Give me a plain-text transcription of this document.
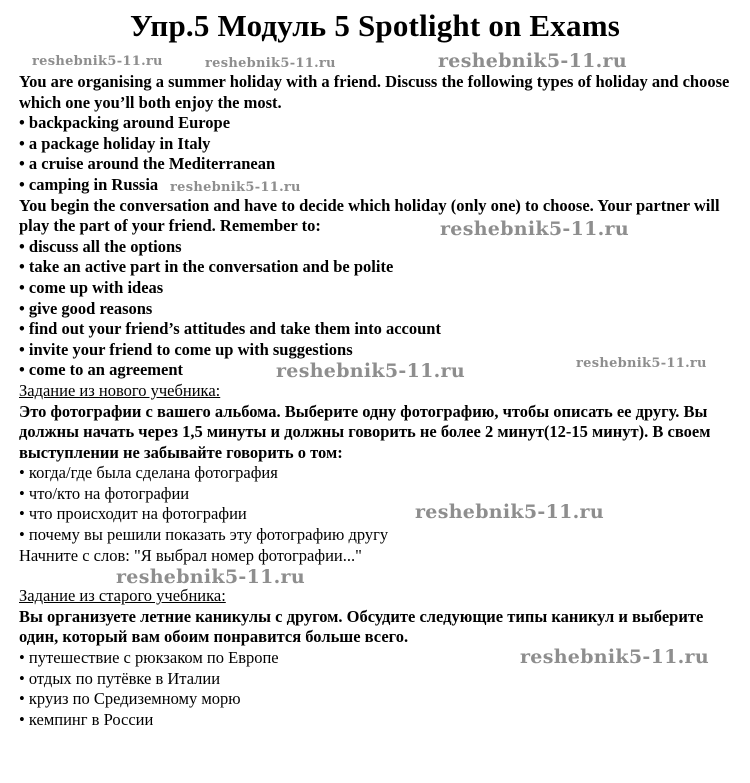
Упр.5 Модуль 5 Spotlight on Exams
You are organising a summer holiday with a friend. Discuss the following types of holiday and choose which one you’ll both enjoy the most.
• backpacking around Europe
• a package holiday in Italy
• a cruise around the Mediterranean
• camping in Russia
You begin the conversation and have to decide which holiday (only one) to choose. Your partner will play the part of your friend. Remember to:
• discuss all the options
• take an active part in the conversation and be polite
• come up with ideas
• give good reasons
• find out your friend’s attitudes and take them into account
• invite your friend to come up with suggestions
• come to an agreement
Задание из нового учебника:
Это фотографии с вашего альбома. Выберите одну фотографию, чтобы описать ее другу. Вы должны начать через 1,5 минуты и должны говорить не более 2 минут(12-15 минут). В своем выступлении не забывайте говорить о том:
• когда/где была сделана фотография
• что/кто на фотографии
• что происходит на фотографии
• почему вы решили показать эту фотографию другу
Начните с слов: "Я выбрал номер фотографии..."
Задание из старого учебника:
Вы организуете летние каникулы с другом. Обсудите следующие типы каникул и выберите один, который вам обоим понравится больше всего.
• путешествие с рюкзаком по Европе
• отдых по путёвке в Италии
• круиз по Средиземному морю
• кемпинг в России
reshebnik5-11.ru	reshebnik5-11.ru	reshebnik5-11.ru
reshebnik5-11.ru
reshebnik5-11.ru
reshebnik5-11.ru
reshebnik5-11.ru
reshebnik5-11.ru
reshebnik5-11.ru
reshebnik5-11.ru
